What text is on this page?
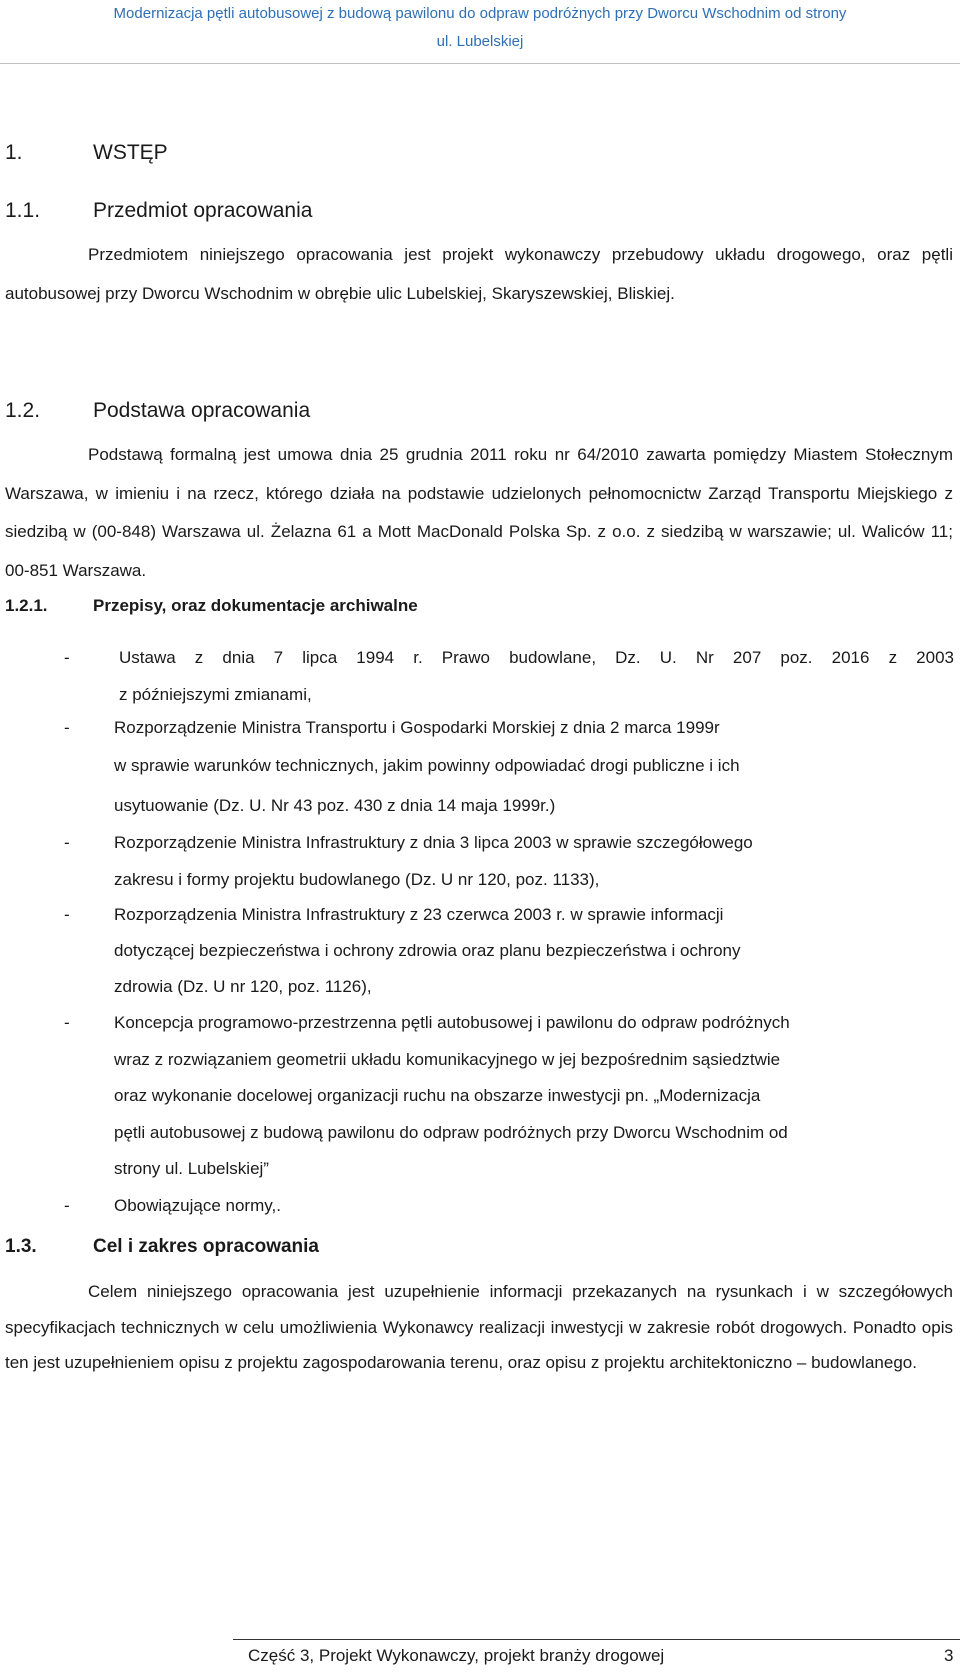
Modernizacja pętli autobusowej z budową pawilonu do odpraw podróżnych przy Dworcu Wschodnim od strony
ul. Lubelskiej
1.	WSTĘP
1.1.	Przedmiot opracowania

Przedmiotem niniejszego opracowania jest projekt wykonawczy przebudowy układu drogowego, oraz pętli autobusowej przy Dworcu Wschodnim w obrębie ulic Lubelskiej, Skaryszewskiej, Bliskiej.

1.2.	Podstawa opracowania

Podstawą formalną jest umowa dnia 25 grudnia 2011 roku nr 64/2010 zawarta pomiędzy Miastem Stołecznym Warszawa, w imieniu i na rzecz, którego działa na podstawie udzielonych pełnomocnictw Zarząd Transportu Miejskiego z siedzibą w (00-848) Warszawa ul. Żelazna 61 a Mott MacDonald Polska Sp. z o.o. z siedzibą w warszawie; ul. Waliców 11; 00-851 Warszawa.

1.2.1.	Przepisy, oraz dokumentacje archiwalne
-	Ustawa z dnia 7 lipca 1994 r. Prawo budowlane, Dz. U. Nr 207 poz. 2016 z 2003
z późniejszymi zmianami,
-	Rozporządzenie Ministra Transportu i Gospodarki Morskiej z dnia 2 marca 1999r
w sprawie warunków technicznych, jakim powinny odpowiadać drogi publiczne i ich
usytuowanie (Dz. U. Nr 43 poz. 430 z dnia 14 maja 1999r.)
-	Rozporządzenie Ministra Infrastruktury z dnia 3 lipca 2003 w sprawie szczegółowego
zakresu i formy projektu budowlanego (Dz. U nr 120, poz. 1133),
-	Rozporządzenia Ministra Infrastruktury z 23 czerwca 2003 r. w sprawie informacji
dotyczącej bezpieczeństwa i ochrony zdrowia oraz planu bezpieczeństwa i ochrony
zdrowia (Dz. U nr 120, poz. 1126),
-	Koncepcja programowo-przestrzenna pętli autobusowej i pawilonu do odpraw podróżnych
wraz z rozwiązaniem geometrii układu komunikacyjnego w jej bezpośrednim sąsiedztwie
oraz wykonanie docelowej organizacji ruchu na obszarze inwestycji pn. „Modernizacja
pętli autobusowej z budową pawilonu do odpraw podróżnych przy Dworcu Wschodnim od
strony ul. Lubelskiej”
-	Obowiązujące normy,.
1.3.	Cel i zakres opracowania

Celem niniejszego opracowania jest uzupełnienie informacji przekazanych na rysunkach i w szczegółowych specyfikacjach technicznych w celu umożliwienia Wykonawcy realizacji inwestycji w zakresie robót drogowych. Ponadto opis ten jest uzupełnieniem opisu z projektu zagospodarowania terenu, oraz opisu z projektu architektoniczno – budowlanego.

Część 3, Projekt Wykonawczy, projekt branży drogowej	3
